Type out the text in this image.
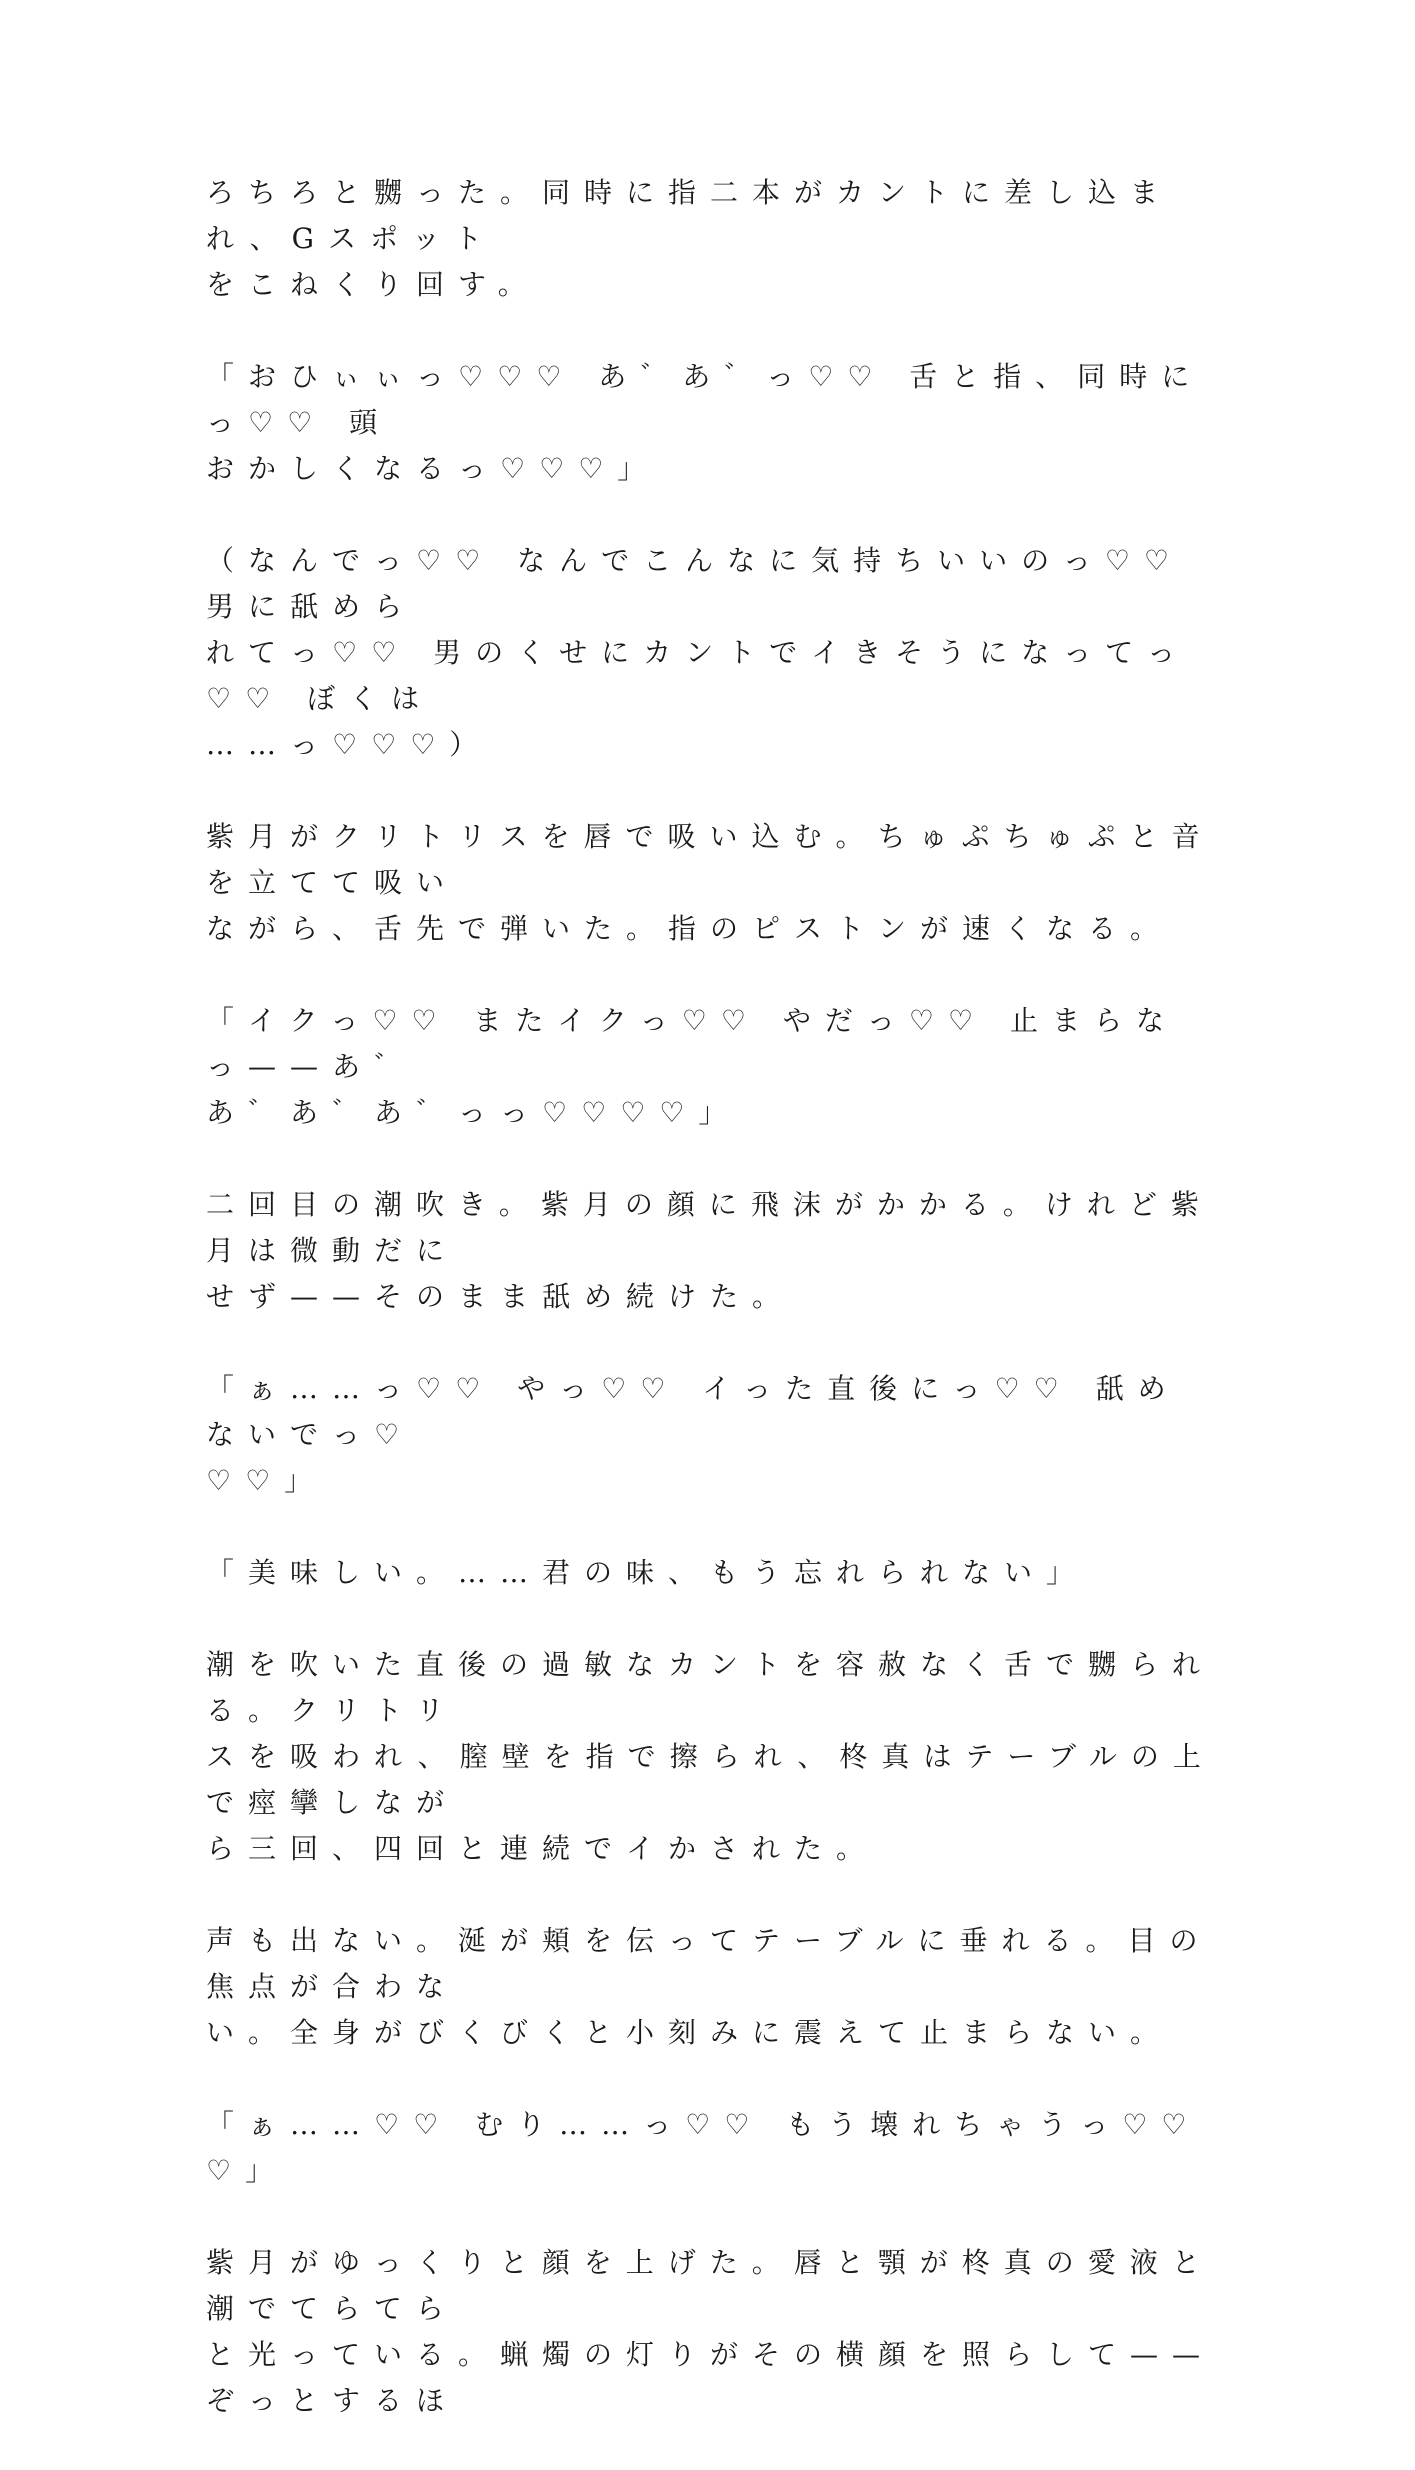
ろちろと嬲った。同時に指二本がカントに差し込まれ、Gスポット
をこねくり回す。
「おひぃぃっ♡♡♡ あ゛あ゛っ♡♡ 舌と指、同時にっ♡♡ 頭
おかしくなるっ♡♡♡」
（なんでっ♡♡ なんでこんなに気持ちいいのっ♡♡ 男に舐めら
れてっ♡♡ 男のくせにカントでイきそうになってっ♡♡ ぼくは
……っ♡♡♡）
紫月がクリトリスを唇で吸い込む。ちゅぷちゅぷと音を立てて吸い
ながら、舌先で弾いた。指のピストンが速くなる。
「イクっ♡♡ またイクっ♡♡ やだっ♡♡ 止まらなっ——あ゛
あ゛あ゛あ゛っっ♡♡♡♡」
二回目の潮吹き。紫月の顔に飛沫がかかる。けれど紫月は微動だに
せず——そのまま舐め続けた。
「ぁ……っ♡♡ やっ♡♡ イった直後にっ♡♡ 舐めないでっ♡
♡♡」
「美味しい。……君の味、もう忘れられない」
潮を吹いた直後の過敏なカントを容赦なく舌で嬲られる。クリトリ
スを吸われ、膣壁を指で擦られ、柊真はテーブルの上で痙攣しなが
ら三回、四回と連続でイかされた。
声も出ない。涎が頬を伝ってテーブルに垂れる。目の焦点が合わな
い。全身がびくびくと小刻みに震えて止まらない。
「ぁ……♡♡ むり……っ♡♡ もう壊れちゃうっ♡♡♡」
紫月がゆっくりと顔を上げた。唇と顎が柊真の愛液と潮でてらてら
と光っている。蝋燭の灯りがその横顔を照らして——ぞっとするほ
